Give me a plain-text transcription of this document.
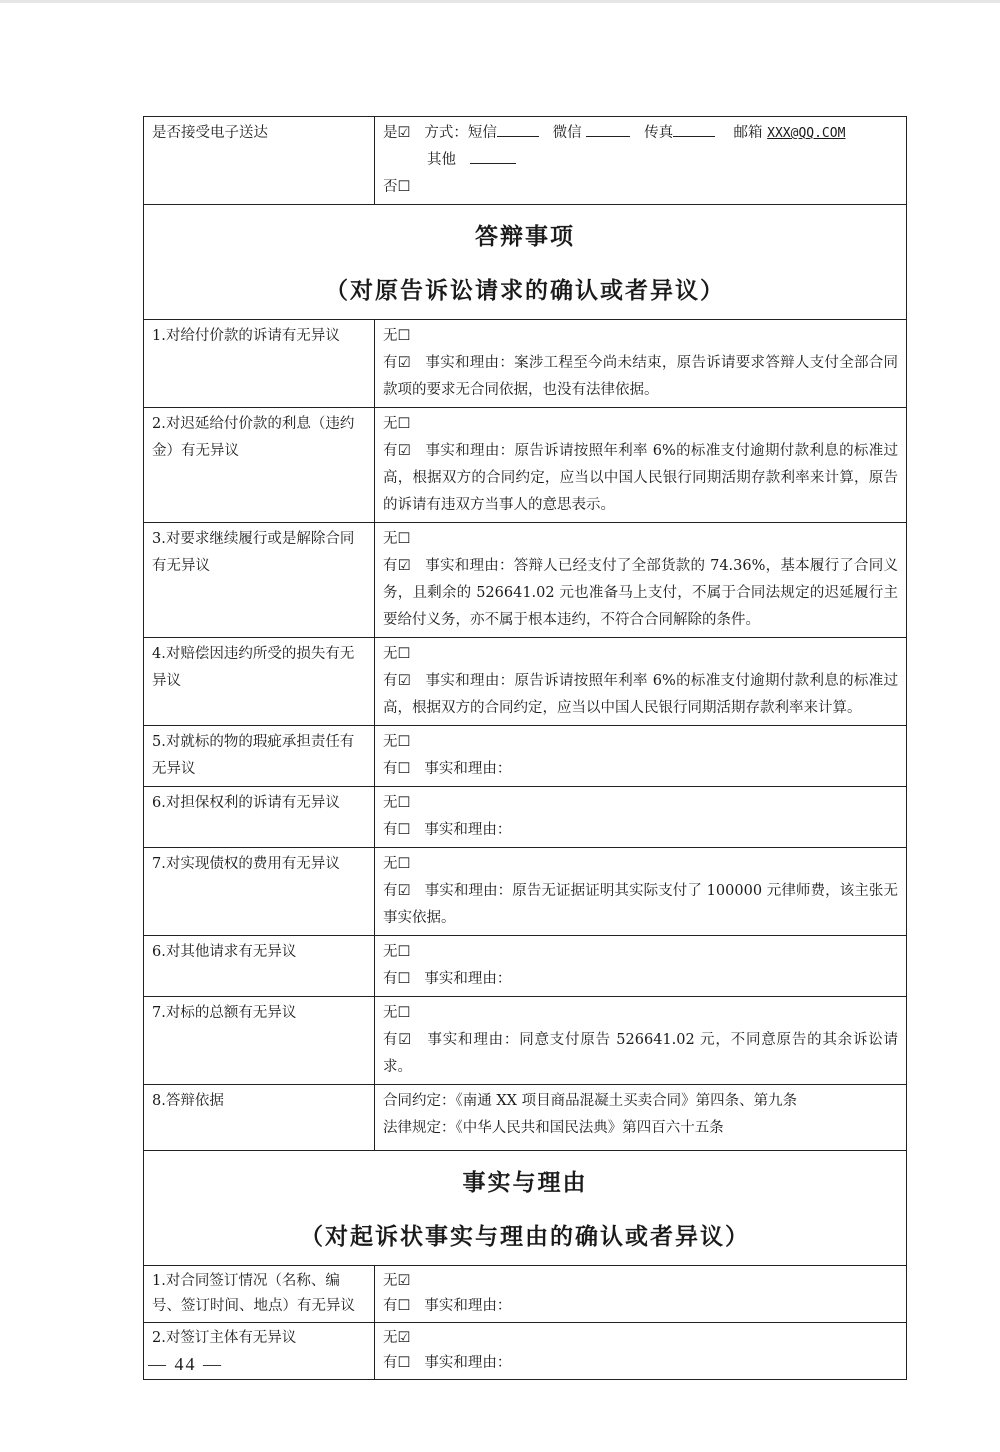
是否接受电子送达	是☑ 方式：短信 微信 传真 邮箱 XXX@QQ.COM
其他
否☐

答辩事项
（对原告诉讼请求的确认或者异议）	

1.对给付价款的诉请有无异议	无☐
有☑ 事实和理由：案涉工程至今尚未结束，原告诉请要求答辩人支付全部合同款项的要求无合同依据，也没有法律依据。

2.对迟延给付价款的利息（违约金）有无异议	无☐
有☑ 事实和理由：原告诉请按照年利率 6%的标准支付逾期付款利息的标准过高，根据双方的合同约定，应当以中国人民银行同期活期存款利率来计算，原告的诉请有违双方当事人的意思表示。

3.对要求继续履行或是解除合同有无异议	无☐
有☑ 事实和理由：答辩人已经支付了全部货款的 74.36%，基本履行了合同义务，且剩余的 526641.02 元也准备马上支付，不属于合同法规定的迟延履行主要给付义务，亦不属于根本违约，不符合合同解除的条件。

4.对赔偿因违约所受的损失有无异议	无☐
有☑ 事实和理由：原告诉请按照年利率 6%的标准支付逾期付款利息的标准过高，根据双方的合同约定，应当以中国人民银行同期活期存款利率来计算。

5.对就标的物的瑕疵承担责任有无异议	无☐
有☐ 事实和理由：

6.对担保权利的诉请有无异议	无☐
有☐ 事实和理由：

7.对实现债权的费用有无异议	无☐
有☑ 事实和理由：原告无证据证明其实际支付了 100000 元律师费，该主张无事实依据。

6.对其他请求有无异议	无☐
有☐ 事实和理由：

7.对标的总额有无异议	无☐
有☑ 事实和理由：同意支付原告 526641.02 元，不同意原告的其余诉讼请求。

8.答辩依据	合同约定：《南通 XX 项目商品混凝土买卖合同》第四条、第九条
法律规定：《中华人民共和国民法典》第四百六十五条

事实与理由
（对起诉状事实与理由的确认或者异议）	

1.对合同签订情况（名称、编号、签订时间、地点）有无异议	无☑
有☐ 事实和理由：

2.对签订主体有无异议	无☑
有☐ 事实和理由：
— 44 —
